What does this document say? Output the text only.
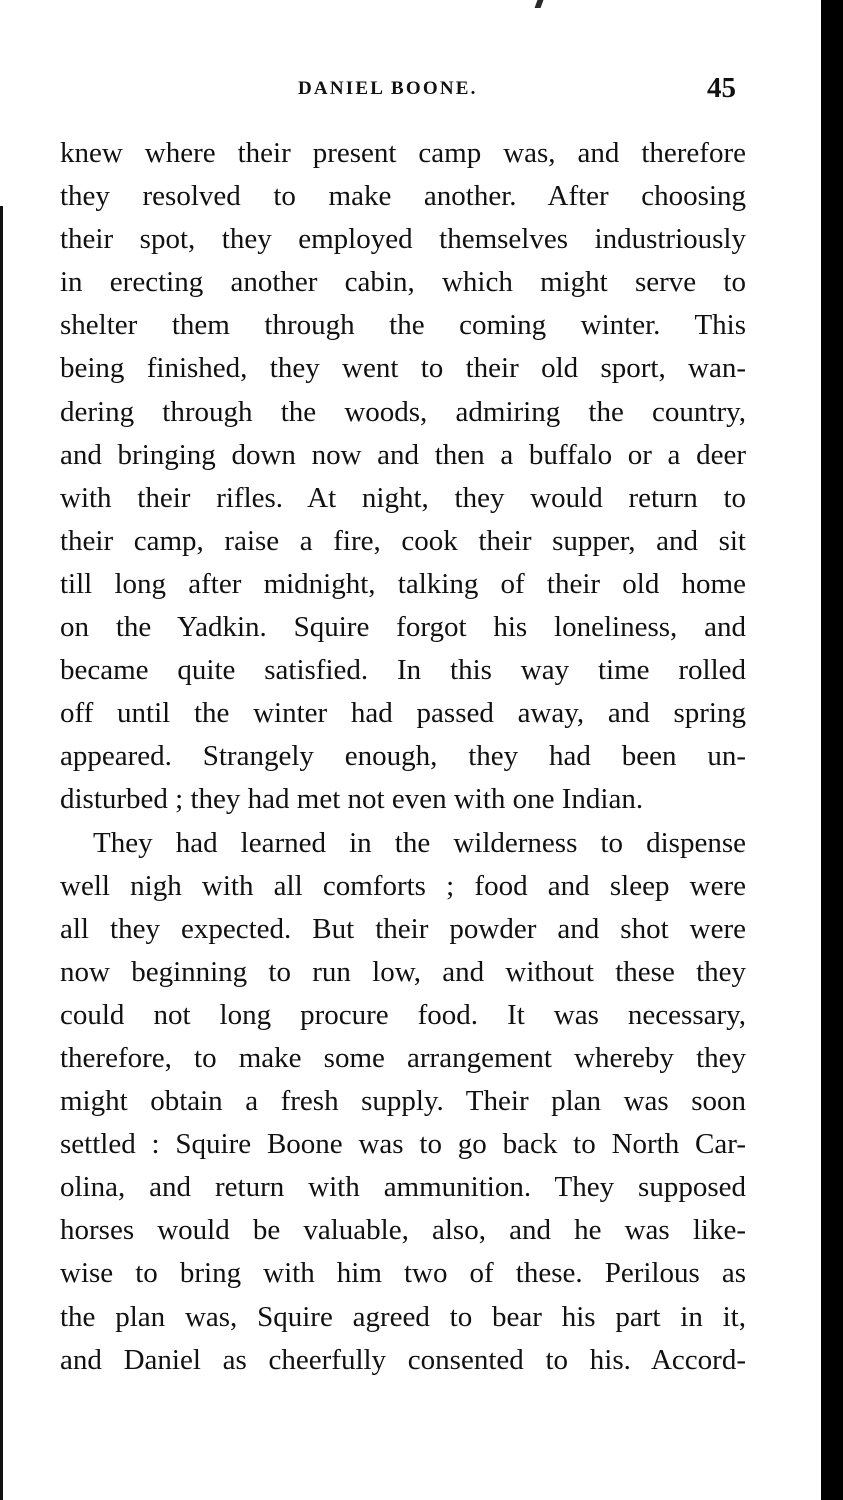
DANIEL BOONE.	45
knew where their present camp was, and therefore
they resolved to make another. After choosing
their spot, they employed themselves industriously
in erecting another cabin, which might serve to
shelter them through the coming winter. This
being finished, they went to their old sport, wan-
dering through the woods, admiring the country,
and bringing down now and then a buffalo or a deer
with their rifles. At night, they would return to
their camp, raise a fire, cook their supper, and sit
till long after midnight, talking of their old home
on the Yadkin. Squire forgot his loneliness, and
became quite satisfied. In this way time rolled
off until the winter had passed away, and spring
appeared. Strangely enough, they had been un-
disturbed ; they had met not even with one Indian.
They had learned in the wilderness to dispense
well nigh with all comforts ; food and sleep were
all they expected. But their powder and shot were
now beginning to run low, and without these they
could not long procure food. It was necessary,
therefore, to make some arrangement whereby they
might obtain a fresh supply. Their plan was soon
settled : Squire Boone was to go back to North Car-
olina, and return with ammunition. They supposed
horses would be valuable, also, and he was like-
wise to bring with him two of these. Perilous as
the plan was, Squire agreed to bear his part in it,
and Daniel as cheerfully consented to his. Accord-
